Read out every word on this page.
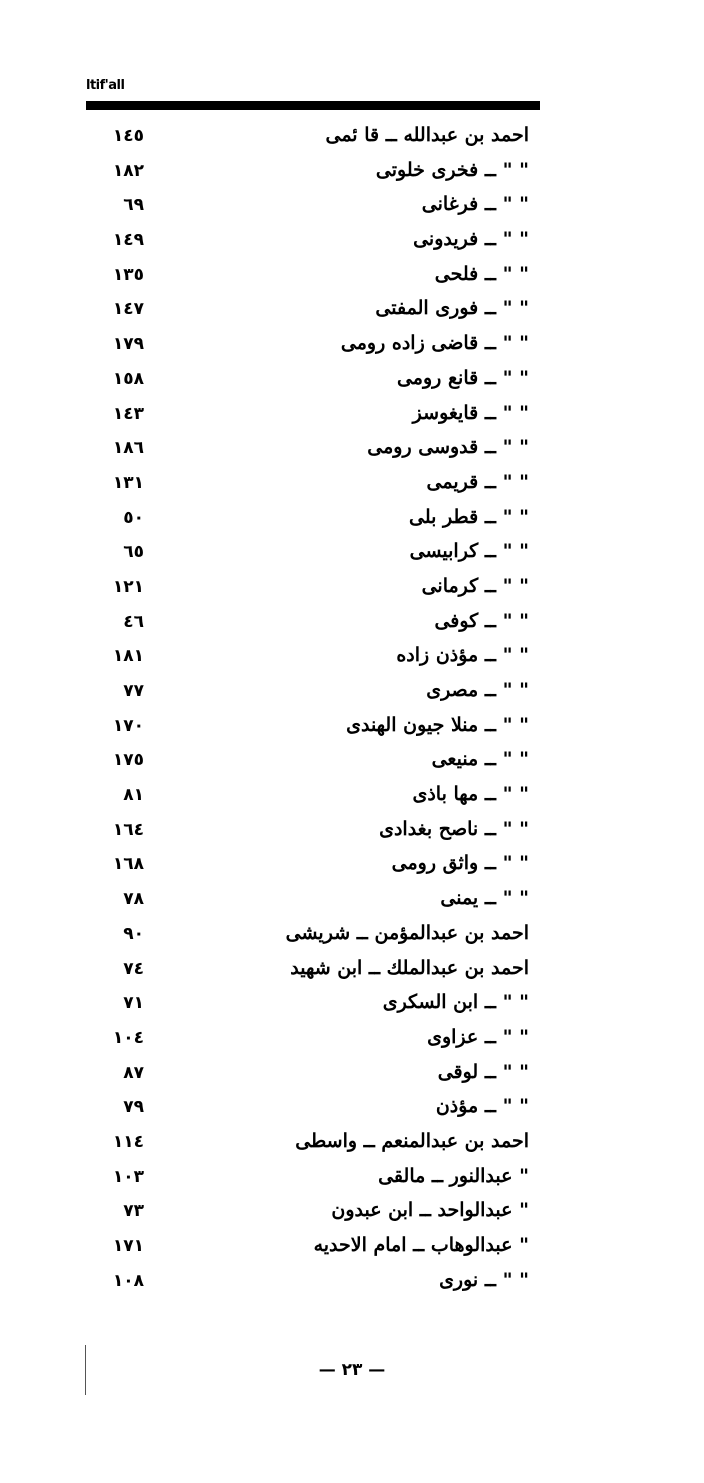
ltif'all
احمد بن عبدالله ــ قا ئمی
١٤٥
" " ــ فخری خلوتی
١٨٢
" " ــ فرغانی
٦٩
" " ــ فریدونی
١٤٩
" " ــ فلحی
١٣٥
" " ــ فوری المفتی
١٤٧
" " ــ قاضی زاده رومی
١٧٩
" " ــ قانع رومی
١٥٨
" " ــ قایغوسز
١٤٣
" " ــ قدوسی رومی
١٨٦
" " ــ قریمی
١٣١
" " ــ قطر بلی
٥٠
" " ــ کرابیسی
٦٥
" " ــ کرمانی
١٢١
" " ــ کوفی
٤٦
" " ــ مؤذن زاده
١٨١
" " ــ مصری
٧٧
" " ــ منلا جیون الهندی
١٧٠
" " ــ منیعی
١٧٥
" " ــ مها باذی
٨١
" " ــ ناصح بغدادی
١٦٤
" " ــ واثق رومی
١٦٨
" " ــ یمنی
٧٨
احمد بن عبدالمؤمن ــ شریشی
٩٠
احمد بن عبدالملك ــ ابن شهید
٧٤
" " ــ ابن السکری
٧١
" " ــ عزاوی
١٠٤
" " ــ لوقی
٨٧
" " ــ مؤذن
٧٩
احمد بن عبدالمنعم ــ واسطی
١١٤
" عبدالنور ــ مالقی
١٠٣
" عبدالواحد ــ ابن عبدون
٧٣
" عبدالوهاب ــ امام الاحدیه
١٧١
" " ــ نوری
١٠٨
— ٢٣ —
